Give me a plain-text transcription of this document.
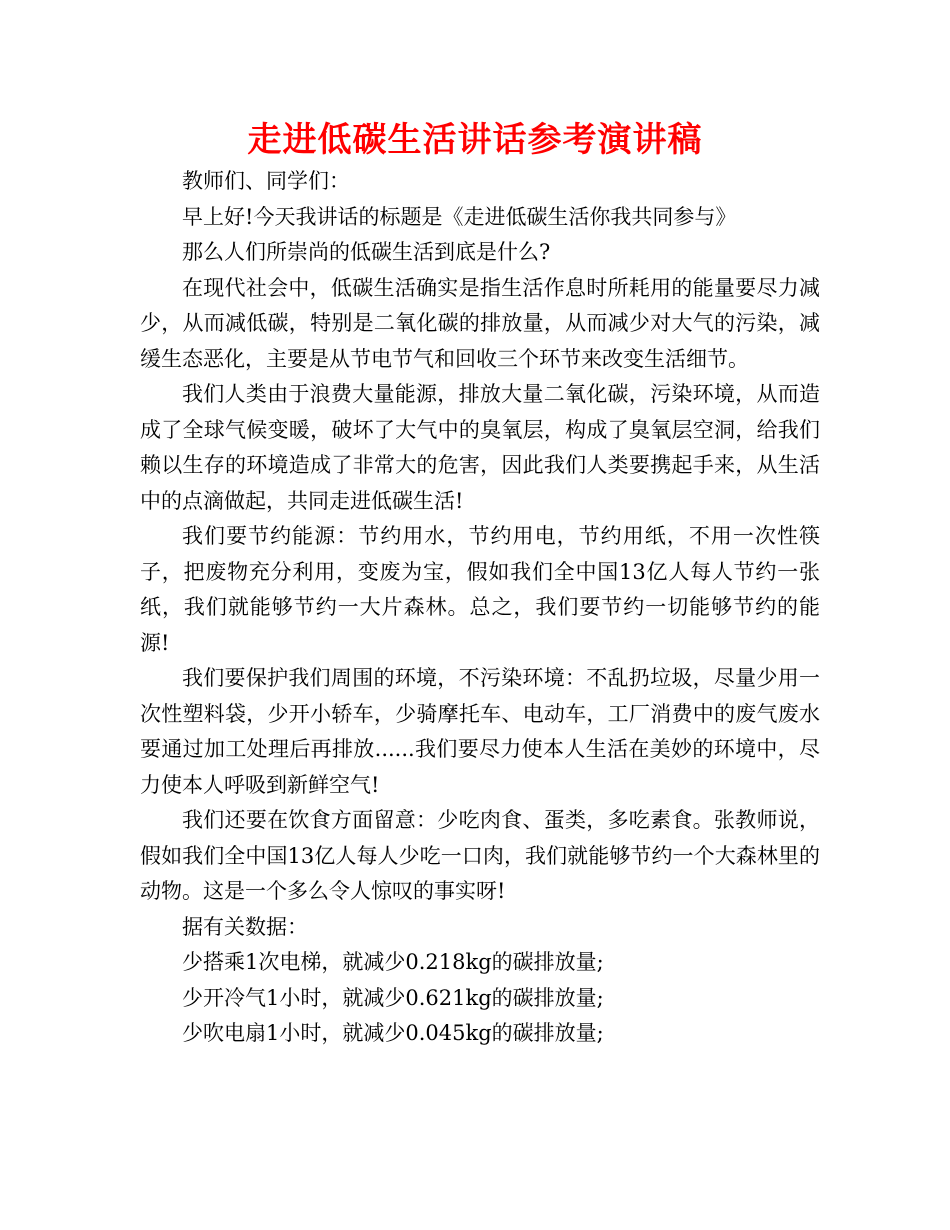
走进低碳生活讲话参考演讲稿

教师们、同学们：

早上好!今天我讲话的标题是《走进低碳生活你我共同参与》

那么人们所崇尚的低碳生活到底是什么?

在现代社会中，低碳生活确实是指生活作息时所耗用的能量要尽力减少，从而减低碳，特别是二氧化碳的排放量，从而减少对大气的污染，减缓生态恶化，主要是从节电节气和回收三个环节来改变生活细节。

我们人类由于浪费大量能源，排放大量二氧化碳，污染环境，从而造成了全球气候变暖，破坏了大气中的臭氧层，构成了臭氧层空洞，给我们赖以生存的环境造成了非常大的危害，因此我们人类要携起手来，从生活中的点滴做起，共同走进低碳生活!

我们要节约能源：节约用水，节约用电，节约用纸，不用一次性筷子，把废物充分利用，变废为宝，假如我们全中国13亿人每人节约一张纸，我们就能够节约一大片森林。总之，我们要节约一切能够节约的能源!

我们要保护我们周围的环境，不污染环境：不乱扔垃圾，尽量少用一次性塑料袋，少开小轿车，少骑摩托车、电动车，工厂消费中的废气废水要通过加工处理后再排放......我们要尽力使本人生活在美妙的环境中，尽力使本人呼吸到新鲜空气!

我们还要在饮食方面留意：少吃肉食、蛋类，多吃素食。张教师说，假如我们全中国13亿人每人少吃一口肉，我们就能够节约一个大森林里的动物。这是一个多么令人惊叹的事实呀!

据有关数据：

少搭乘1次电梯，就减少0.218kg的碳排放量;

少开冷气1小时，就减少0.621kg的碳排放量;

少吹电扇1小时，就减少0.045kg的碳排放量;
